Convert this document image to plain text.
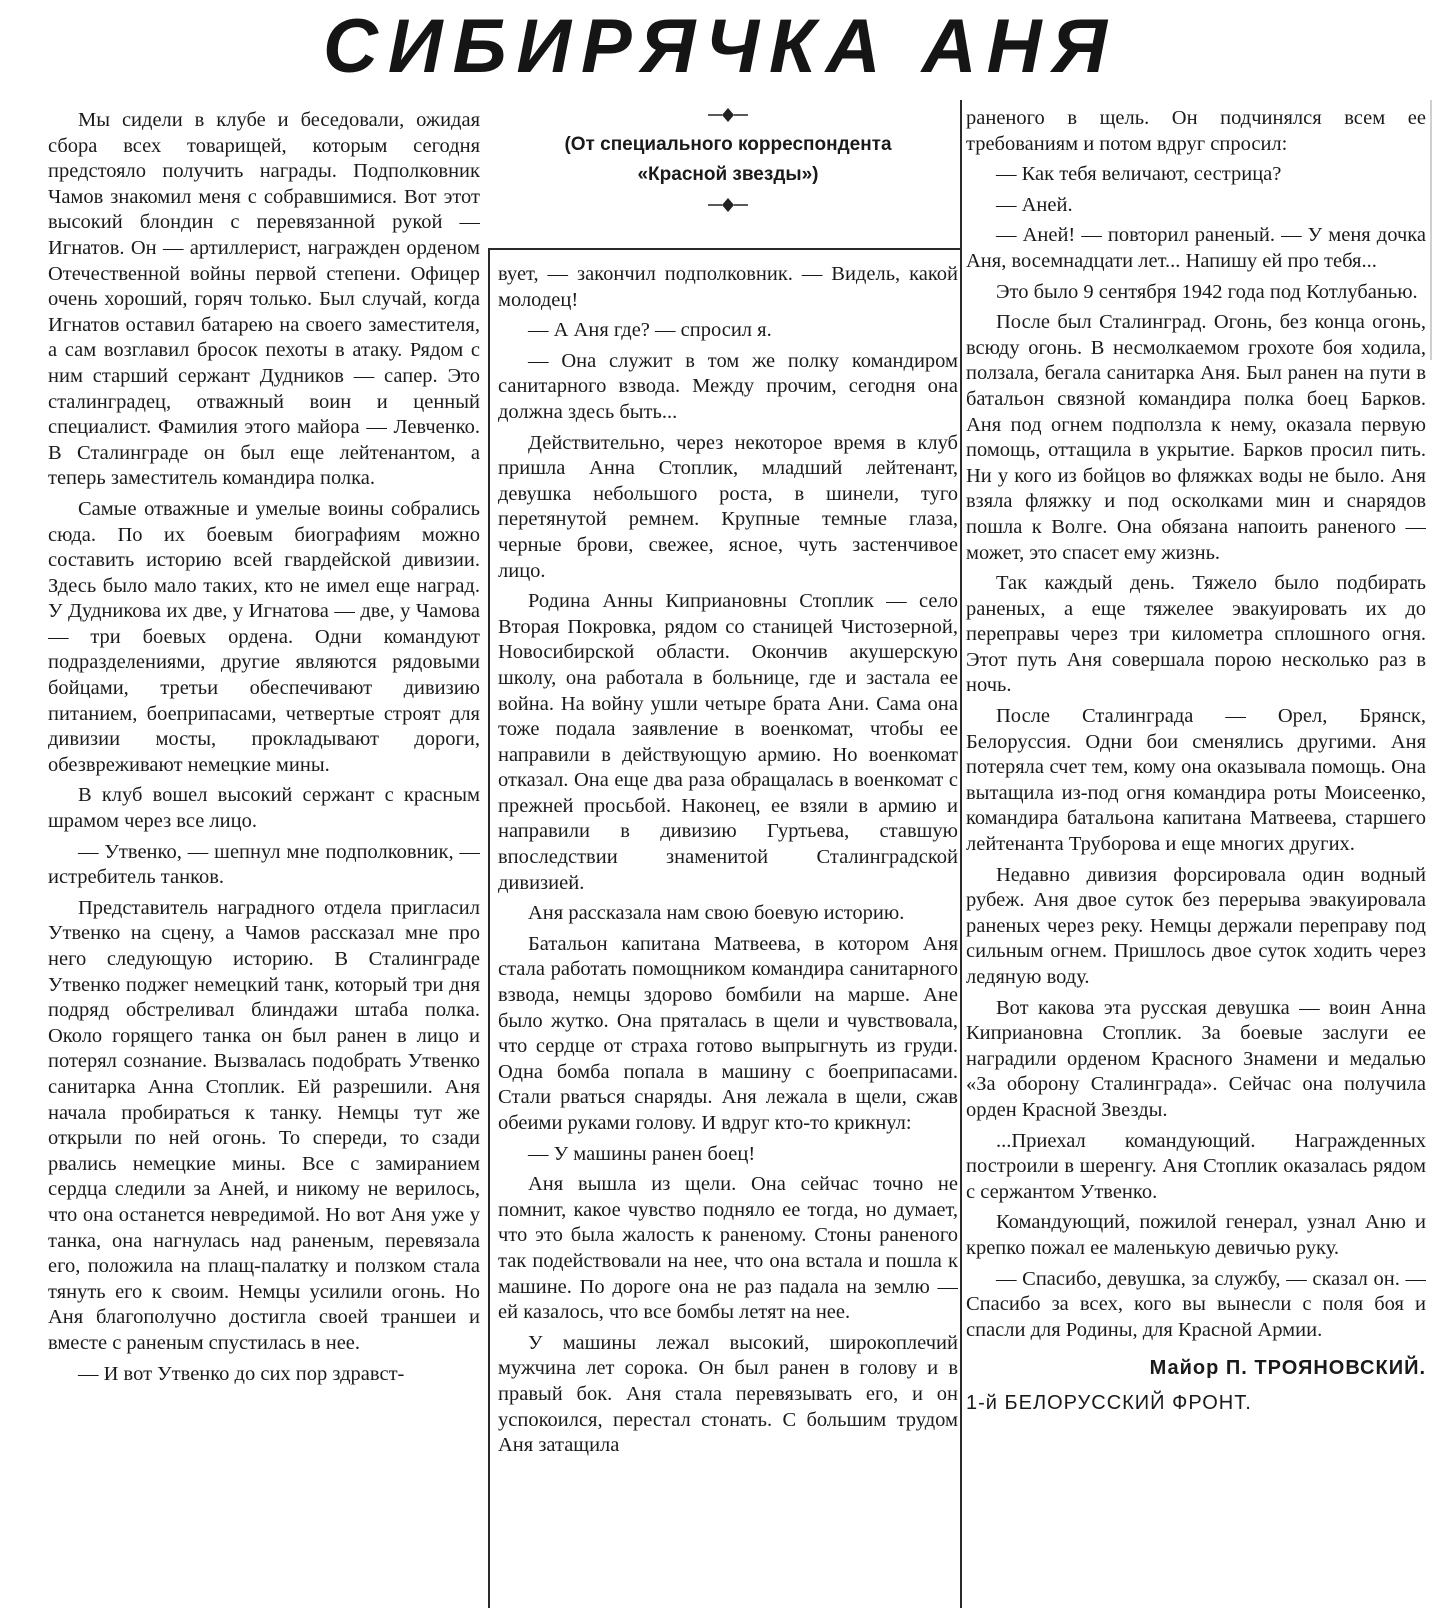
СИБИРЯЧКА АНЯ
(От специального корреспондента
«Красной звезды»)

Мы сидели в клубе и беседовали, ожидая сбора всех товарищей, которым сегодня предстояло получить награды. Подполковник Чамов знакомил меня с собравшимися. Вот этот высокий блондин с перевязанной рукой — Игнатов. Он — артиллерист, награжден орденом Отечественной войны первой степени. Офицер очень хороший, горяч только. Был случай, когда Игнатов оставил батарею на своего заместителя, а сам возглавил бросок пехоты в атаку. Рядом с ним старший сержант Дудников — сапер. Это сталинградец, отважный воин и ценный специалист. Фамилия этого майора — Левченко. В Сталинграде он был еще лейтенантом, а теперь заместитель командира полка.

Самые отважные и умелые воины собрались сюда. По их боевым биографиям можно составить историю всей гвардейской дивизии. Здесь было мало таких, кто не имел еще наград. У Дудникова их две, у Игнатова — две, у Чамова — три боевых ордена. Одни командуют подразделениями, другие являются рядовыми бойцами, третьи обеспечивают дивизию питанием, боеприпасами, четвертые строят для дивизии мосты, прокладывают дороги, обезвреживают немецкие мины.

В клуб вошел высокий сержант с красным шрамом через все лицо.

— Утвенко, — шепнул мне подполковник, — истребитель танков.

Представитель наградного отдела пригласил Утвенко на сцену, а Чамов рассказал мне про него следующую историю. В Сталинграде Утвенко поджег немецкий танк, который три дня подряд обстреливал блиндажи штаба полка. Около горящего танка он был ранен в лицо и потерял сознание. Вызвалась подобрать Утвенко санитарка Анна Стоплик. Ей разрешили. Аня начала пробираться к танку. Немцы тут же открыли по ней огонь. То спереди, то сзади рвались немецкие мины. Все с замиранием сердца следили за Аней, и никому не верилось, что она останется невредимой. Но вот Аня уже у танка, она нагнулась над раненым, перевязала его, положила на плащ-палатку и ползком стала тянуть его к своим. Немцы усилили огонь. Но Аня благополучно достигла своей траншеи и вместе с раненым спустилась в нее.

— И вот Утвенко до сих пор здравст-

вует, — закончил подполковник. — Видель, какой молодец!

— А Аня где? — спросил я.

— Она служит в том же полку командиром санитарного взвода. Между прочим, сегодня она должна здесь быть...

Действительно, через некоторое время в клуб пришла Анна Стоплик, младший лейтенант, девушка небольшого роста, в шинели, туго перетянутой ремнем. Крупные темные глаза, черные брови, свежее, ясное, чуть застенчивое лицо.

Родина Анны Киприановны Стоплик — село Вторая Покровка, рядом со станицей Чистозерной, Новосибирской области. Окончив акушерскую школу, она работала в больнице, где и застала ее война. На войну ушли четыре брата Ани. Сама она тоже подала заявление в военкомат, чтобы ее направили в действующую армию. Но военкомат отказал. Она еще два раза обращалась в военкомат с прежней просьбой. Наконец, ее взяли в армию и направили в дивизию Гуртьева, ставшую впоследствии знаменитой Сталинградской дивизией.

Аня рассказала нам свою боевую историю.

Батальон капитана Матвеева, в котором Аня стала работать помощником командира санитарного взвода, немцы здорово бомбили на марше. Ане было жутко. Она пряталась в щели и чувствовала, что сердце от страха готово выпрыгнуть из груди. Одна бомба попала в машину с боеприпасами. Стали рваться снаряды. Аня лежала в щели, сжав обеими руками голову. И вдруг кто-то крикнул:

— У машины ранен боец!

Аня вышла из щели. Она сейчас точно не помнит, какое чувство подняло ее тогда, но думает, что это была жалость к раненому. Стоны раненого так подействовали на нее, что она встала и пошла к машине. По дороге она не раз падала на землю — ей казалось, что все бомбы летят на нее.

У машины лежал высокий, широкоплечий мужчина лет сорока. Он был ранен в голову и в правый бок. Аня стала перевязывать его, и он успокоился, перестал стонать. С большим трудом Аня затащила

раненого в щель. Он подчинялся всем ее требованиям и потом вдруг спросил:

— Как тебя величают, сестрица?

— Аней.

— Аней! — повторил раненый. — У меня дочка Аня, восемнадцати лет... Напишу ей про тебя...

Это было 9 сентября 1942 года под Котлубанью.

После был Сталинград. Огонь, без конца огонь, всюду огонь. В несмолкаемом грохоте боя ходила, ползала, бегала санитарка Аня. Был ранен на пути в батальон связной командира полка боец Барков. Аня под огнем подползла к нему, оказала первую помощь, оттащила в укрытие. Барков просил пить. Ни у кого из бойцов во фляжках воды не было. Аня взяла фляжку и под осколками мин и снарядов пошла к Волге. Она обязана напоить раненого — может, это спасет ему жизнь.

Так каждый день. Тяжело было подбирать раненых, а еще тяжелее эвакуировать их до переправы через три километра сплошного огня. Этот путь Аня совершала порою несколько раз в ночь.

После Сталинграда — Орел, Брянск, Белоруссия. Одни бои сменялись другими. Аня потеряла счет тем, кому она оказывала помощь. Она вытащила из-под огня командира роты Моисеенко, командира батальона капитана Матвеева, старшего лейтенанта Труборова и еще многих других.

Недавно дивизия форсировала один водный рубеж. Аня двое суток без перерыва эвакуировала раненых через реку. Немцы держали переправу под сильным огнем. Пришлось двое суток ходить через ледяную воду.

Вот какова эта русская девушка — воин Анна Киприановна Стоплик. За боевые заслуги ее наградили орденом Красного Знамени и медалью «За оборону Сталинграда». Сейчас она получила орден Красной Звезды.

...Приехал командующий. Награжденных построили в шеренгу. Аня Стоплик оказалась рядом с сержантом Утвенко.

Командующий, пожилой генерал, узнал Аню и крепко пожал ее маленькую девичью руку.

— Спасибо, девушка, за службу, — сказал он. — Спасибо за всех, кого вы вынесли с поля боя и спасли для Родины, для Красной Армии.

Майор П. ТРОЯНОВСКИЙ.

1-й БЕЛОРУССКИЙ ФРОНТ.
